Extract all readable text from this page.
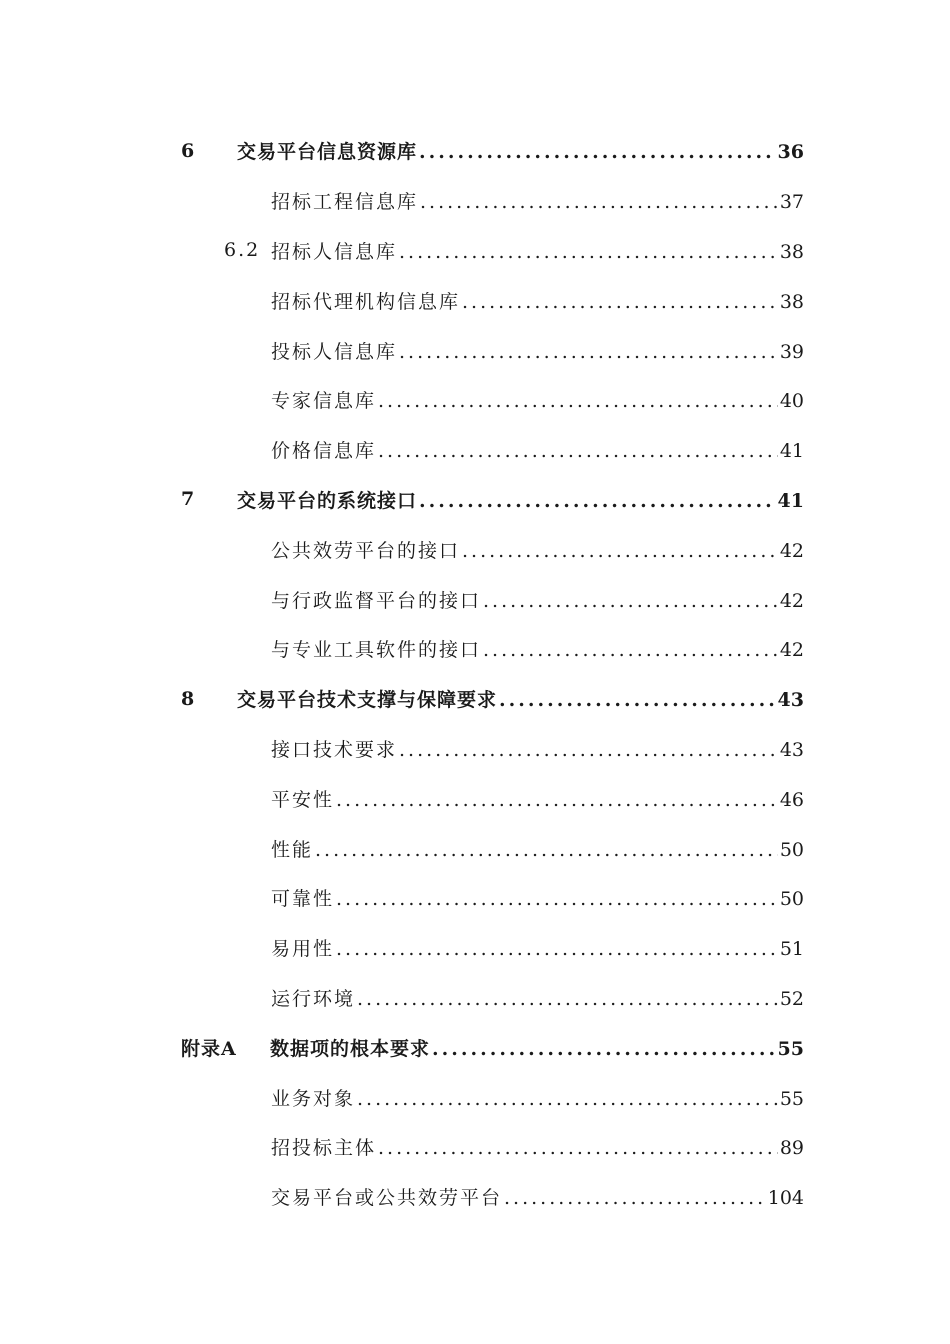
6 交易平台信息资源库 .....	36
招标工程信息库 .....	37
6.2 招标人信息库 .....	38
招标代理机构信息库 .....	38
投标人信息库 .....	39
专家信息库 .....	40
价格信息库 .....	41
7 交易平台的系统接口 .....	41
公共效劳平台的接口 .....	42
与行政监督平台的接口 .....	42
与专业工具软件的接口 .....	42
8 交易平台技术支撑与保障要求 .....	43
接口技术要求 .....	43
平安性 .....	46
性能 .....	50
可靠性 .....	50
易用性 .....	51
运行环境 .....	52
附录A 数据项的根本要求 .....	55
业务对象 .....	55
招投标主体 .....	89
交易平台或公共效劳平台 .....	104
